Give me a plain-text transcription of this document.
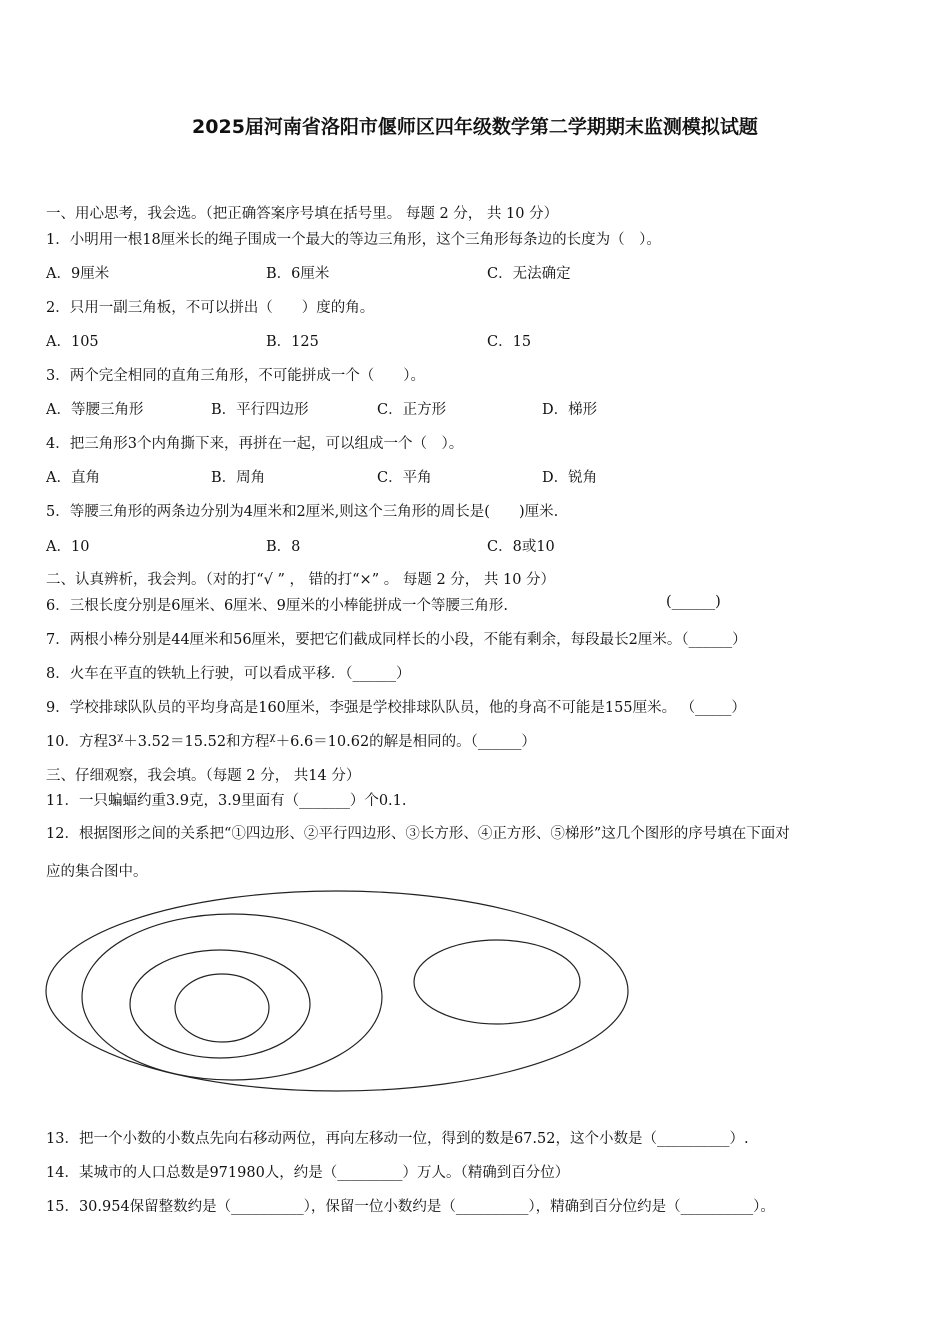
2025届河南省洛阳市偃师区四年级数学第二学期期末监测模拟试题
一、用心思考，我会选。（把正确答案序号填在括号里。 每题 2 分， 共 10 分）
1．小明用一根18厘米长的绳子围成一个最大的等边三角形，这个三角形每条边的长度为（　）。
A．9厘米	B．6厘米	C．无法确定
2．只用一副三角板，不可以拼出（　　）度的角。
A．105	B．125	C．15
3．两个完全相同的直角三角形，不可能拼成一个（　　）。
A．等腰三角形	B．平行四边形	C．正方形	D．梯形
4．把三角形3个内角撕下来，再拼在一起，可以组成一个（　）。
A．直角	B．周角	C．平角	D．锐角
5．等腰三角形的两条边分别为4厘米和2厘米,则这个三角形的周长是(　　)厘米.
A．10	B．8	C．8或10
二、认真辨析，我会判。（对的打“√ ” ， 错的打“×” 。 每题 2 分， 共 10 分）
6．三根长度分别是6厘米、6厘米、9厘米的小棒能拼成一个等腰三角形.	(______)
7．两根小棒分别是44厘米和56厘米，要把它们截成同样长的小段，不能有剩余，每段最长2厘米。（______）
8．火车在平直的铁轨上行驶，可以看成平移．（______）
9．学校排球队队员的平均身高是160厘米，李强是学校排球队队员，他的身高不可能是155厘米。 （_____）
10．方程$3^\chi+3.52=15.52$和方程$^\chi$＋6.6＝10.62的解是相同的。（______）
三、仔细观察，我会填。（每题 2 分， 共14 分）
11．一只蝙蝠约重3.9克，3.9里面有（_______）个0.1.
12．根据图形之间的关系把“①四边形、②平行四边形、③长方形、④正方形、⑤梯形”这几个图形的序号填在下面对
应的集合图中。
13．把一个小数的小数点先向右移动两位，再向左移动一位，得到的数是67.52，这个小数是（__________）.
14．某城市的人口总数是971980人，约是（_________）万人。（精确到百分位）
15．30.954保留整数约是（__________），保留一位小数约是（__________），精确到百分位约是（__________）。
